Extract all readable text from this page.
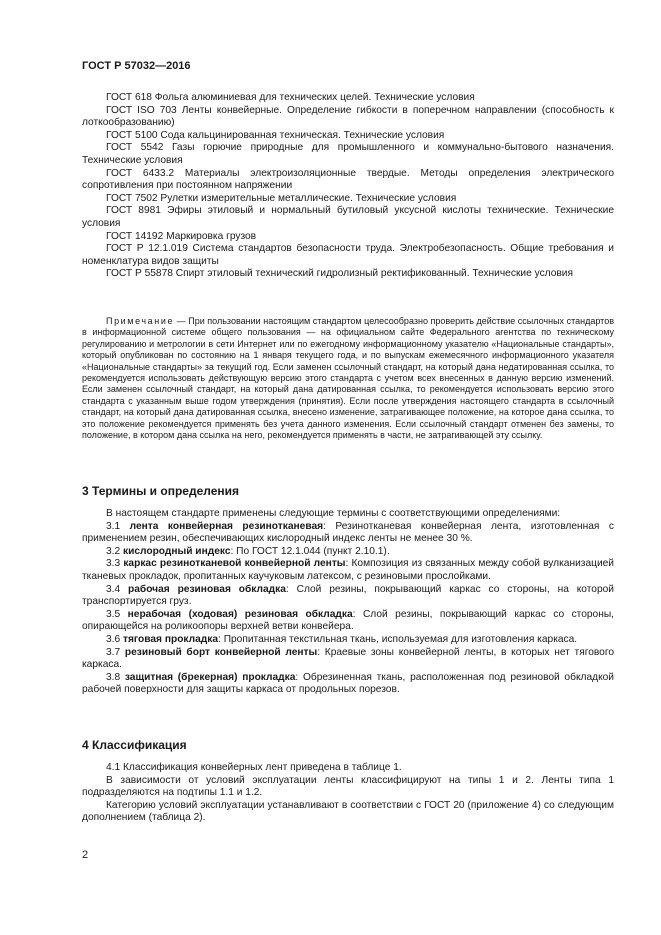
ГОСТ Р 57032—2016

ГОСТ 618 Фольга алюминиевая для технических целей. Технические условия

ГОСТ ISO 703 Ленты конвейерные. Определение гибкости в поперечном направлении (способность к лоткообразованию)

ГОСТ 5100 Сода кальцинированная техническая. Технические условия

ГОСТ 5542 Газы горючие природные для промышленного и коммунально-бытового назначения. Технические условия

ГОСТ 6433.2 Материалы электроизоляционные твердые. Методы определения электрического сопротивления при постоянном напряжении

ГОСТ 7502 Рулетки измерительные металлические. Технические условия

ГОСТ 8981 Эфиры этиловый и нормальный бутиловый уксусной кислоты технические. Технические условия

ГОСТ 14192 Маркировка грузов

ГОСТ Р 12.1.019 Система стандартов безопасности труда. Электробезопасность. Общие требования и номенклатура видов защиты

ГОСТ Р 55878 Спирт этиловый технический гидролизный ректификованный. Технические условия

Примечание — При пользовании настоящим стандартом целесообразно проверить действие ссылочных стандартов в информационной системе общего пользования — на официальном сайте Федерального агентства по техническому регулированию и метрологии в сети Интернет или по ежегодному информационному указателю «Национальные стандарты», который опубликован по состоянию на 1 января текущего года, и по выпускам ежемесячного информационного указателя «Национальные стандарты» за текущий год. Если заменен ссылочный стандарт, на который дана недатированная ссылка, то рекомендуется использовать действующую версию этого стандарта с учетом всех внесенных в данную версию изменений. Если заменен ссылочный стандарт, на который дана датированная ссылка, то рекомендуется использовать версию этого стандарта с указанным выше годом утверждения (принятия). Если после утверждения настоящего стандарта в ссылочный стандарт, на который дана датированная ссылка, внесено изменение, затрагивающее положение, на которое дана ссылка, то это положение рекомендуется применять без учета данного изменения. Если ссылочный стандарт отменен без замены, то положение, в котором дана ссылка на него, рекомендуется применять в части, не затрагивающей эту ссылку.

3 Термины и определения

В настоящем стандарте применены следующие термины с соответствующими определениями:

3.1 лента конвейерная резинотканевая: Резинотканевая конвейерная лента, изготовленная с применением резин, обеспечивающих кислородный индекс ленты не менее 30 %.

3.2 кислородный индекс: По ГОСТ 12.1.044 (пункт 2.10.1).

3.3 каркас резинотканевой конвейерной ленты: Композиция из связанных между собой вулканизацией тканевых прокладок, пропитанных каучуковым латексом, с резиновыми прослойками.

3.4 рабочая резиновая обкладка: Слой резины, покрывающий каркас со стороны, на которой транспортируется груз.

3.5 нерабочая (ходовая) резиновая обкладка: Слой резины, покрывающий каркас со стороны, опирающейся на роликоопоры верхней ветви конвейера.

3.6 тяговая прокладка: Пропитанная текстильная ткань, используемая для изготовления каркаса.

3.7 резиновый борт конвейерной ленты: Краевые зоны конвейерной ленты, в которых нет тягового каркаса.

3.8 защитная (брекерная) прокладка: Обрезиненная ткань, расположенная под резиновой обкладкой рабочей поверхности для защиты каркаса от продольных порезов.

4 Классификация

4.1 Классификация конвейерных лент приведена в таблице 1.

В зависимости от условий эксплуатации ленты классифицируют на типы 1 и 2. Ленты типа 1 подразделяются на подтипы 1.1 и 1.2.

Категорию условий эксплуатации устанавливают в соответствии с ГОСТ 20 (приложение 4) со следующим дополнением (таблица 2).

2
